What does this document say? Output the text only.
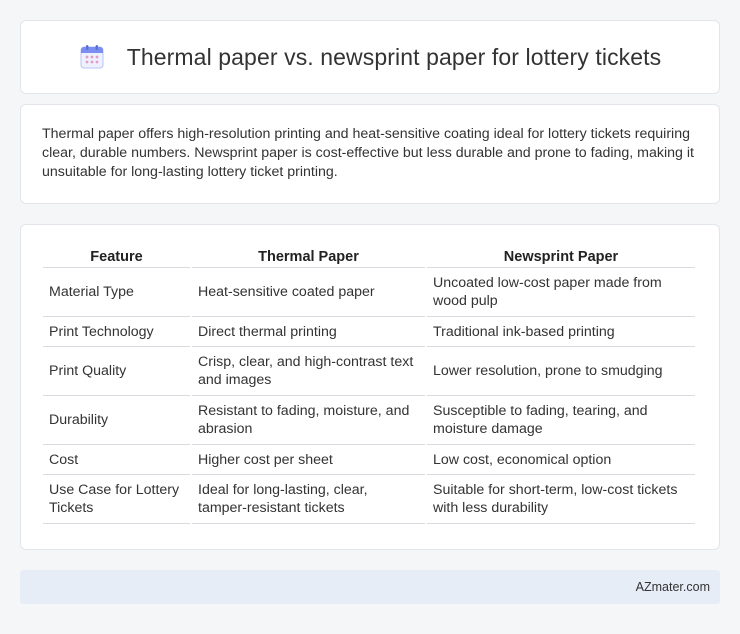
Thermal paper vs. newsprint paper for lottery tickets

Thermal paper offers high-resolution printing and heat-sensitive coating ideal for lottery tickets requiring clear, durable numbers. Newsprint paper is cost-effective but less durable and prone to fading, making it unsuitable for long-lasting lottery ticket printing.

Feature	Thermal Paper	Newsprint Paper
Material Type	Heat-sensitive coated paper	Uncoated low-cost paper made from wood pulp
Print Technology	Direct thermal printing	Traditional ink-based printing
Print Quality	Crisp, clear, and high-contrast text and images	Lower resolution, prone to smudging
Durability	Resistant to fading, moisture, and abrasion	Susceptible to fading, tearing, and moisture damage
Cost	Higher cost per sheet	Low cost, economical option
Use Case for Lottery Tickets	Ideal for long-lasting, clear, tamper-resistant tickets	Suitable for short-term, low-cost tickets with less durability
AZmater.com
